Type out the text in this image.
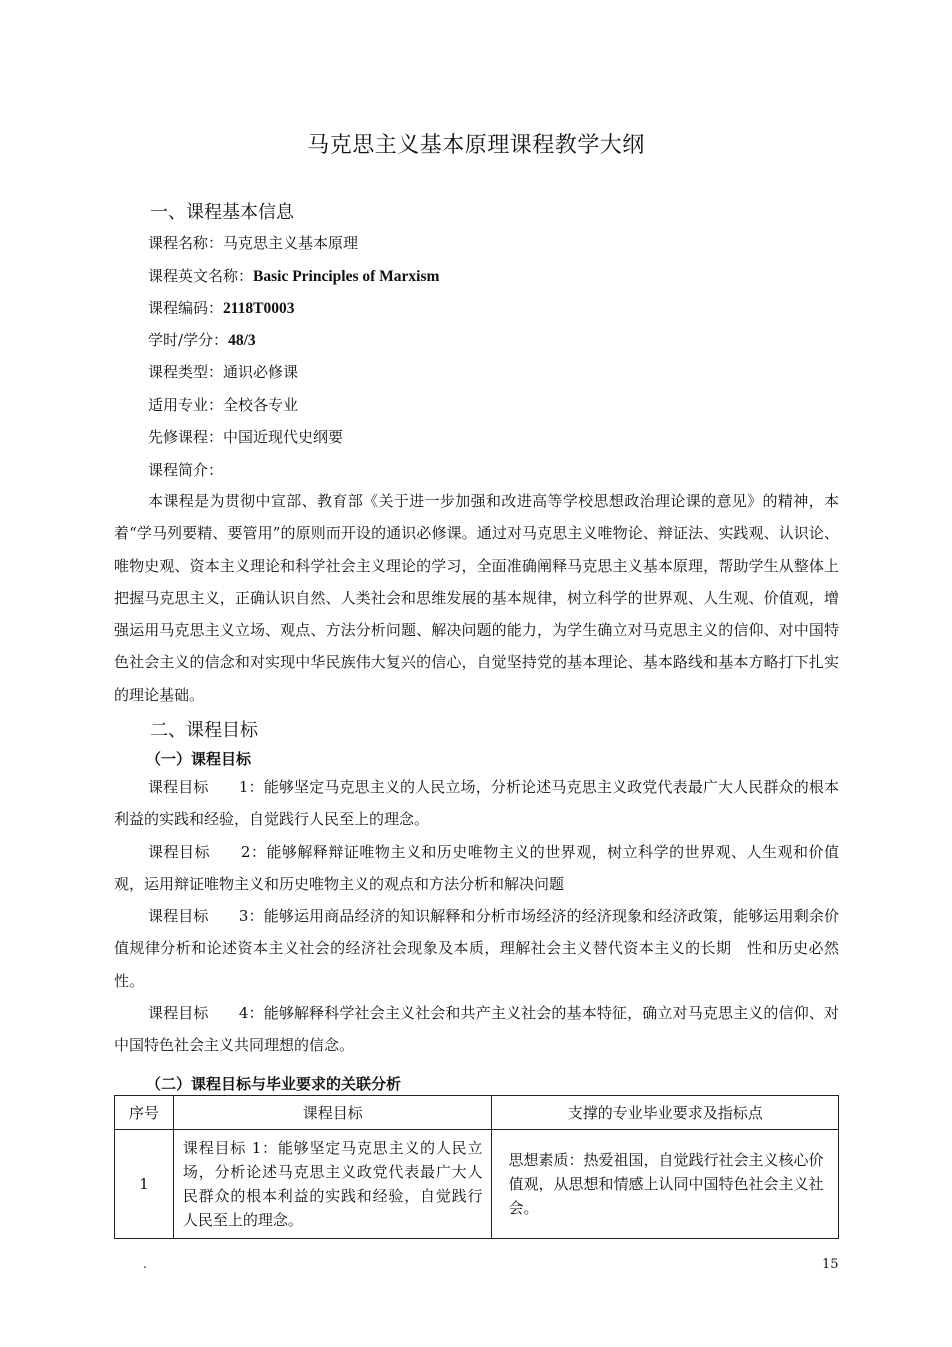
马克思主义基本原理课程教学大纲
一、课程基本信息
课程名称：马克思主义基本原理
课程英文名称：Basic Principles of Marxism
课程编码：2118T0003
学时/学分：48/3
课程类型：通识必修课
适用专业：全校各专业
先修课程：中国近现代史纲要
课程简介：

本课程是为贯彻中宣部、教育部《关于进一步加强和改进高等学校思想政治理论课的意见》的精神，本着“学马列要精、要管用”的原则而开设的通识必修课。通过对马克思主义唯物论、辩证法、实践观、认识论、唯物史观、资本主义理论和科学社会主义理论的学习，全面准确阐释马克思主义基本原理，帮助学生从整体上把握马克思主义，正确认识自然、人类社会和思维发展的基本规律，树立科学的世界观、人生观、价值观，增强运用马克思主义立场、观点、方法分析问题、解决问题的能力，为学生确立对马克思主义的信仰、对中国特色社会主义的信念和对实现中华民族伟大复兴的信心，自觉坚持党的基本理论、基本路线和基本方略打下扎实的理论基础。

二、课程目标
（一）课程目标

课程目标　　1：能够坚定马克思主义的人民立场，分析论述马克思主义政党代表最广大人民群众的根本利益的实践和经验，自觉践行人民至上的理念。

课程目标　　2：能够解释辩证唯物主义和历史唯物主义的世界观，树立科学的世界观、人生观和价值观，运用辩证唯物主义和历史唯物主义的观点和方法分析和解决问题

课程目标　　3：能够运用商品经济的知识解释和分析市场经济的经济现象和经济政策，能够运用剩余价值规律分析和论述资本主义社会的经济社会现象及本质，理解社会主义替代资本主义的长期　性和历史必然性。

课程目标　　4：能够解释科学社会主义社会和共产主义社会的基本特征，确立对马克思主义的信仰、对中国特色社会主义共同理想的信念。

（二）课程目标与毕业要求的关联分析
序号	课程目标	支撑的专业毕业要求及指标点
1	课程目标 1：能够坚定马克思主义的人民立场，分析论述马克思主义政党代表最广大人民群众的根本利益的实践和经验，自觉践行人民至上的理念。	思想素质：热爱祖国，自觉践行社会主义核心价值观，从思想和情感上认同中国特色社会主义社会。
.	15
